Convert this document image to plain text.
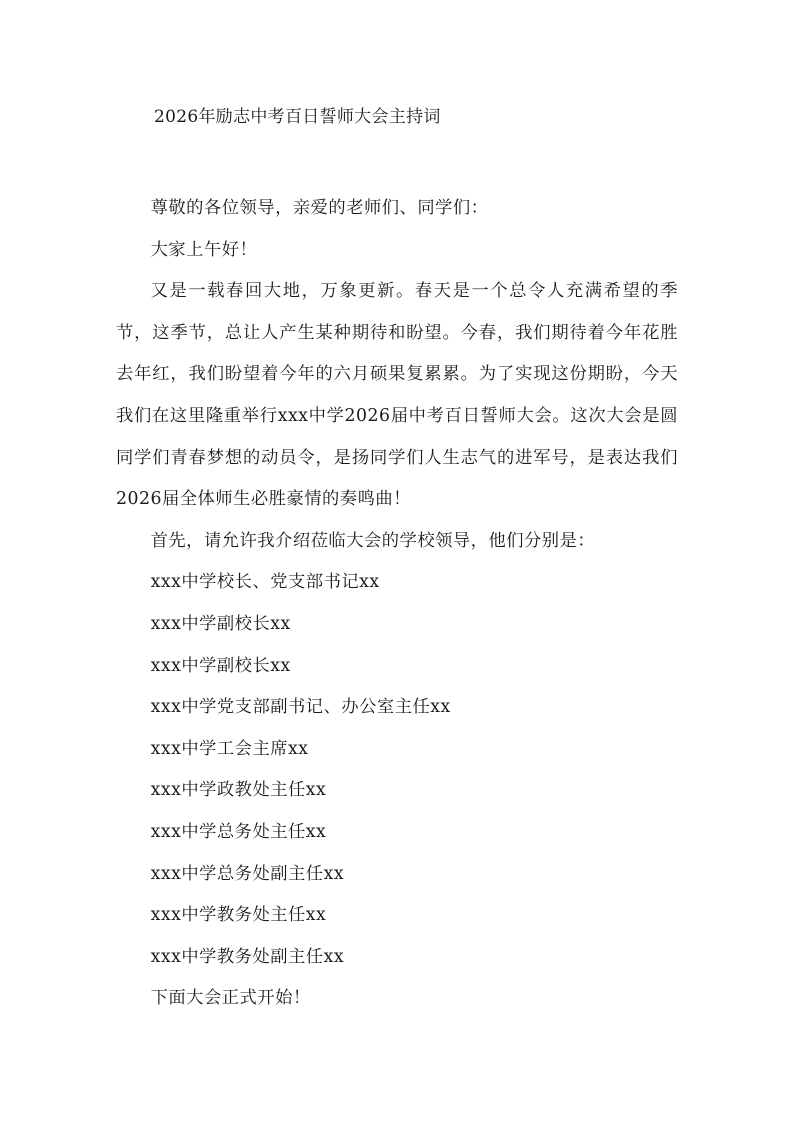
2026年励志中考百日誓师大会主持词

尊敬的各位领导，亲爱的老师们、同学们：

大家上午好！

又是一载春回大地，万象更新。春天是一个总令人充满希望的季节，这季节，总让人产生某种期待和盼望。今春，我们期待着今年花胜去年红，我们盼望着今年的六月硕果复累累。为了实现这份期盼，今天我们在这里隆重举行xxx中学2026届中考百日誓师大会。这次大会是圆同学们青春梦想的动员令，是扬同学们人生志气的进军号，是表达我们2026届全体师生必胜豪情的奏鸣曲！

首先，请允许我介绍莅临大会的学校领导，他们分别是：

xxx中学校长、党支部书记xx

xxx中学副校长xx

xxx中学副校长xx

xxx中学党支部副书记、办公室主任xx

xxx中学工会主席xx

xxx中学政教处主任xx

xxx中学总务处主任xx

xxx中学总务处副主任xx

xxx中学教务处主任xx

xxx中学教务处副主任xx

下面大会正式开始！
